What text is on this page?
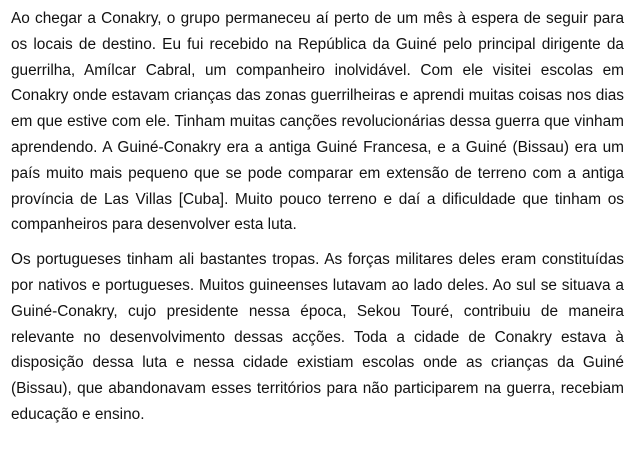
Ao chegar a Conakry, o grupo permaneceu aí perto de um mês à espera de seguir para os locais de destino. Eu fui recebido na República da Guiné pelo principal dirigente da guerrilha, Amílcar Cabral, um companheiro inolvidável. Com ele visitei escolas em Conakry onde estavam crianças das zonas guerrilheiras e aprendi muitas coisas nos dias em que estive com ele. Tinham muitas canções revolucionárias dessa guerra que vinham aprendendo. A Guiné-Conakry era a antiga Guiné Francesa, e a Guiné (Bissau) era um país muito mais pequeno que se pode comparar em extensão de terreno com a antiga província de Las Villas [Cuba]. Muito pouco terreno e daí a dificuldade que tinham os companheiros para desenvolver esta luta.

Os portugueses tinham ali bastantes tropas. As forças militares deles eram constituídas por nativos e portugueses. Muitos guineenses lutavam ao lado deles. Ao sul se situava a Guiné-Conakry, cujo presidente nessa época, Sekou Touré, contribuiu de maneira relevante no desenvolvimento dessas acções. Toda a cidade de Conakry estava à disposição dessa luta e nessa cidade existiam escolas onde as crianças da Guiné (Bissau), que abandonavam esses territórios para não participarem na guerra, recebiam educação e ensino.
